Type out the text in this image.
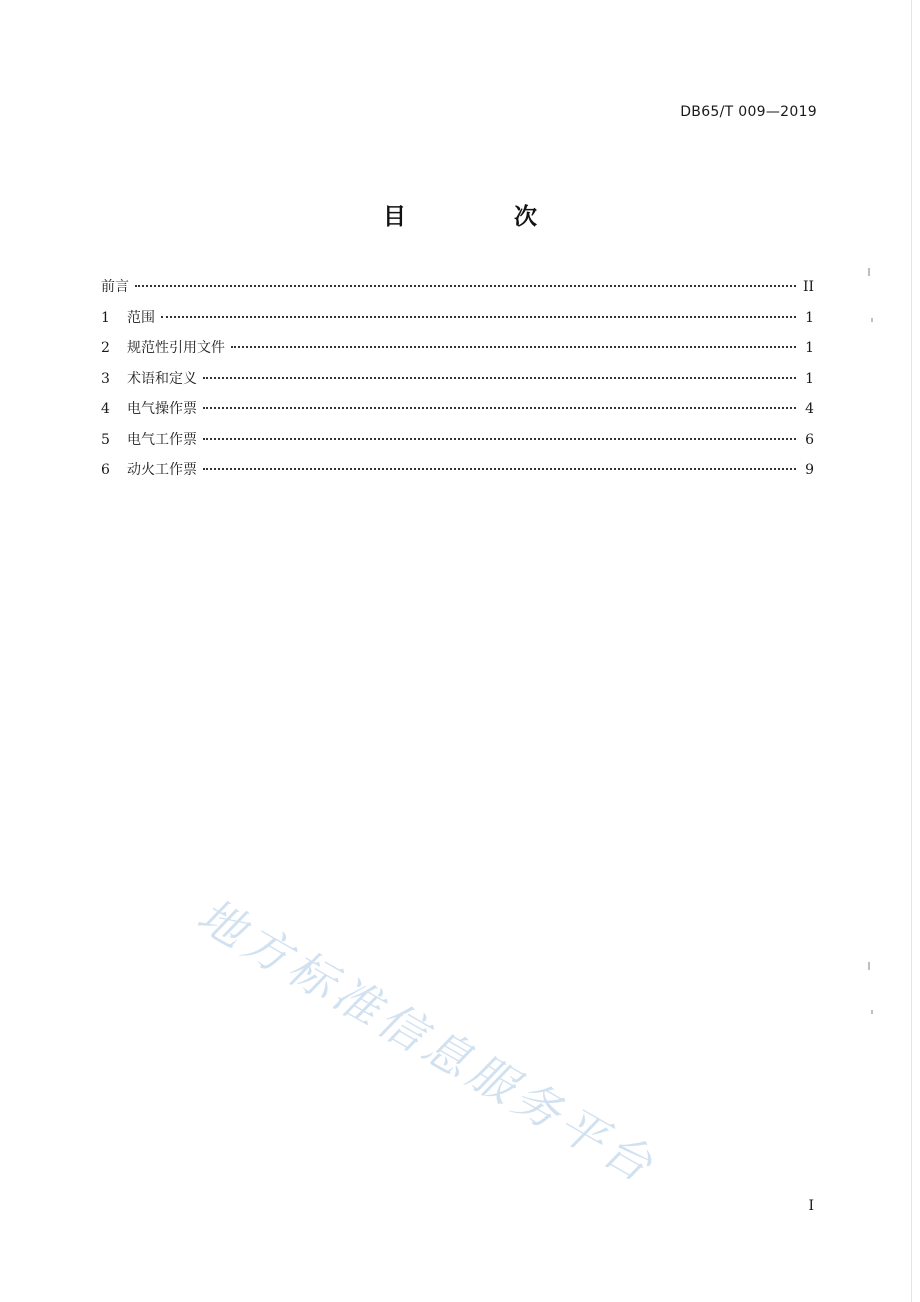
DB65/T 009—2019
目 次
前言	II
1	范围	1
2	规范性引用文件	1
3	术语和定义	1
4	电气操作票	4
5	电气工作票	6
6	动火工作票	9
地方标准信息服务平台
I
